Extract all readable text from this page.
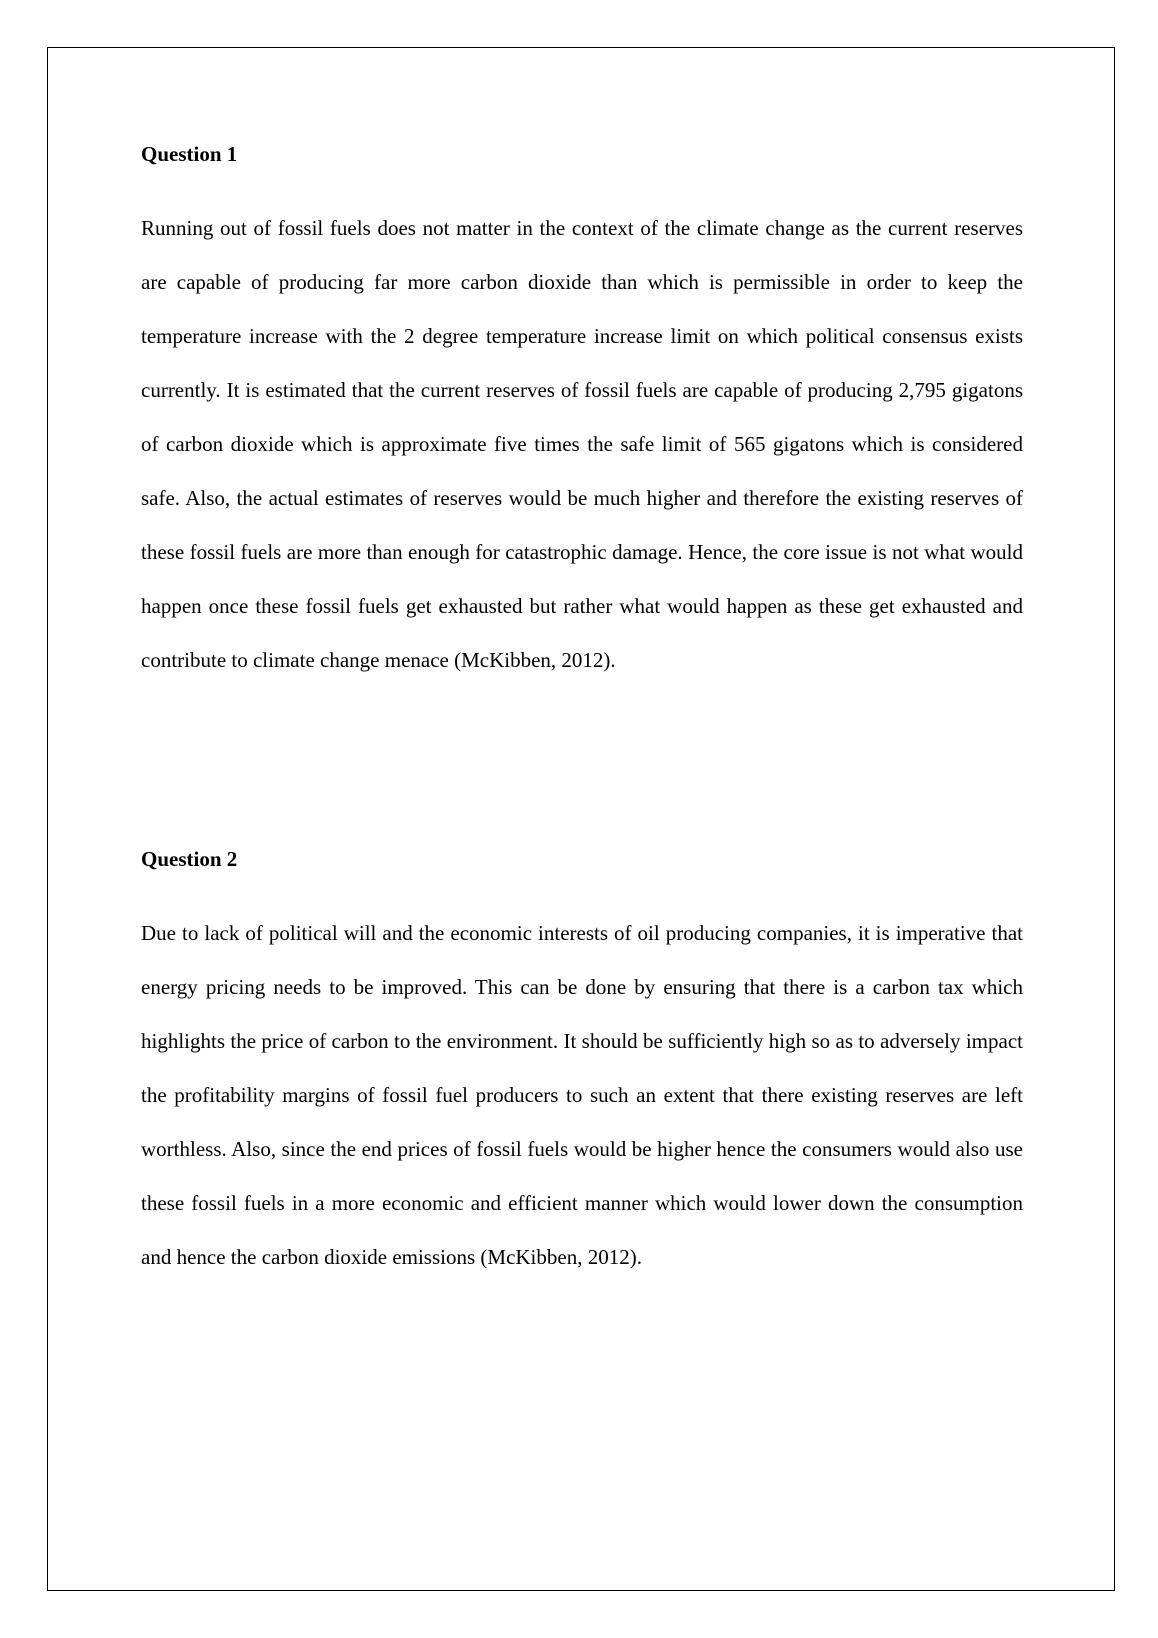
Question 1

Running out of fossil fuels does not matter in the context of the climate change as the current reserves are capable of producing far more carbon dioxide than which is permissible in order to keep the temperature increase with the 2 degree temperature increase limit on which political consensus exists currently. It is estimated that the current reserves of fossil fuels are capable of producing 2,795 gigatons of carbon dioxide which is approximate five times the safe limit of 565 gigatons which is considered safe. Also, the actual estimates of reserves would be much higher and therefore the existing reserves of these fossil fuels are more than enough for catastrophic damage. Hence, the core issue is not what would happen once these fossil fuels get exhausted but rather what would happen as these get exhausted and contribute to climate change menace (McKibben, 2012).

Question 2

Due to lack of political will and the economic interests of oil producing companies, it is imperative that energy pricing needs to be improved. This can be done by ensuring that there is a carbon tax which highlights the price of carbon to the environment. It should be sufficiently high so as to adversely impact the profitability margins of fossil fuel producers to such an extent that there existing reserves are left worthless. Also, since the end prices of fossil fuels would be higher hence the consumers would also use these fossil fuels in a more economic and efficient manner which would lower down the consumption and hence the carbon dioxide emissions (McKibben, 2012).
